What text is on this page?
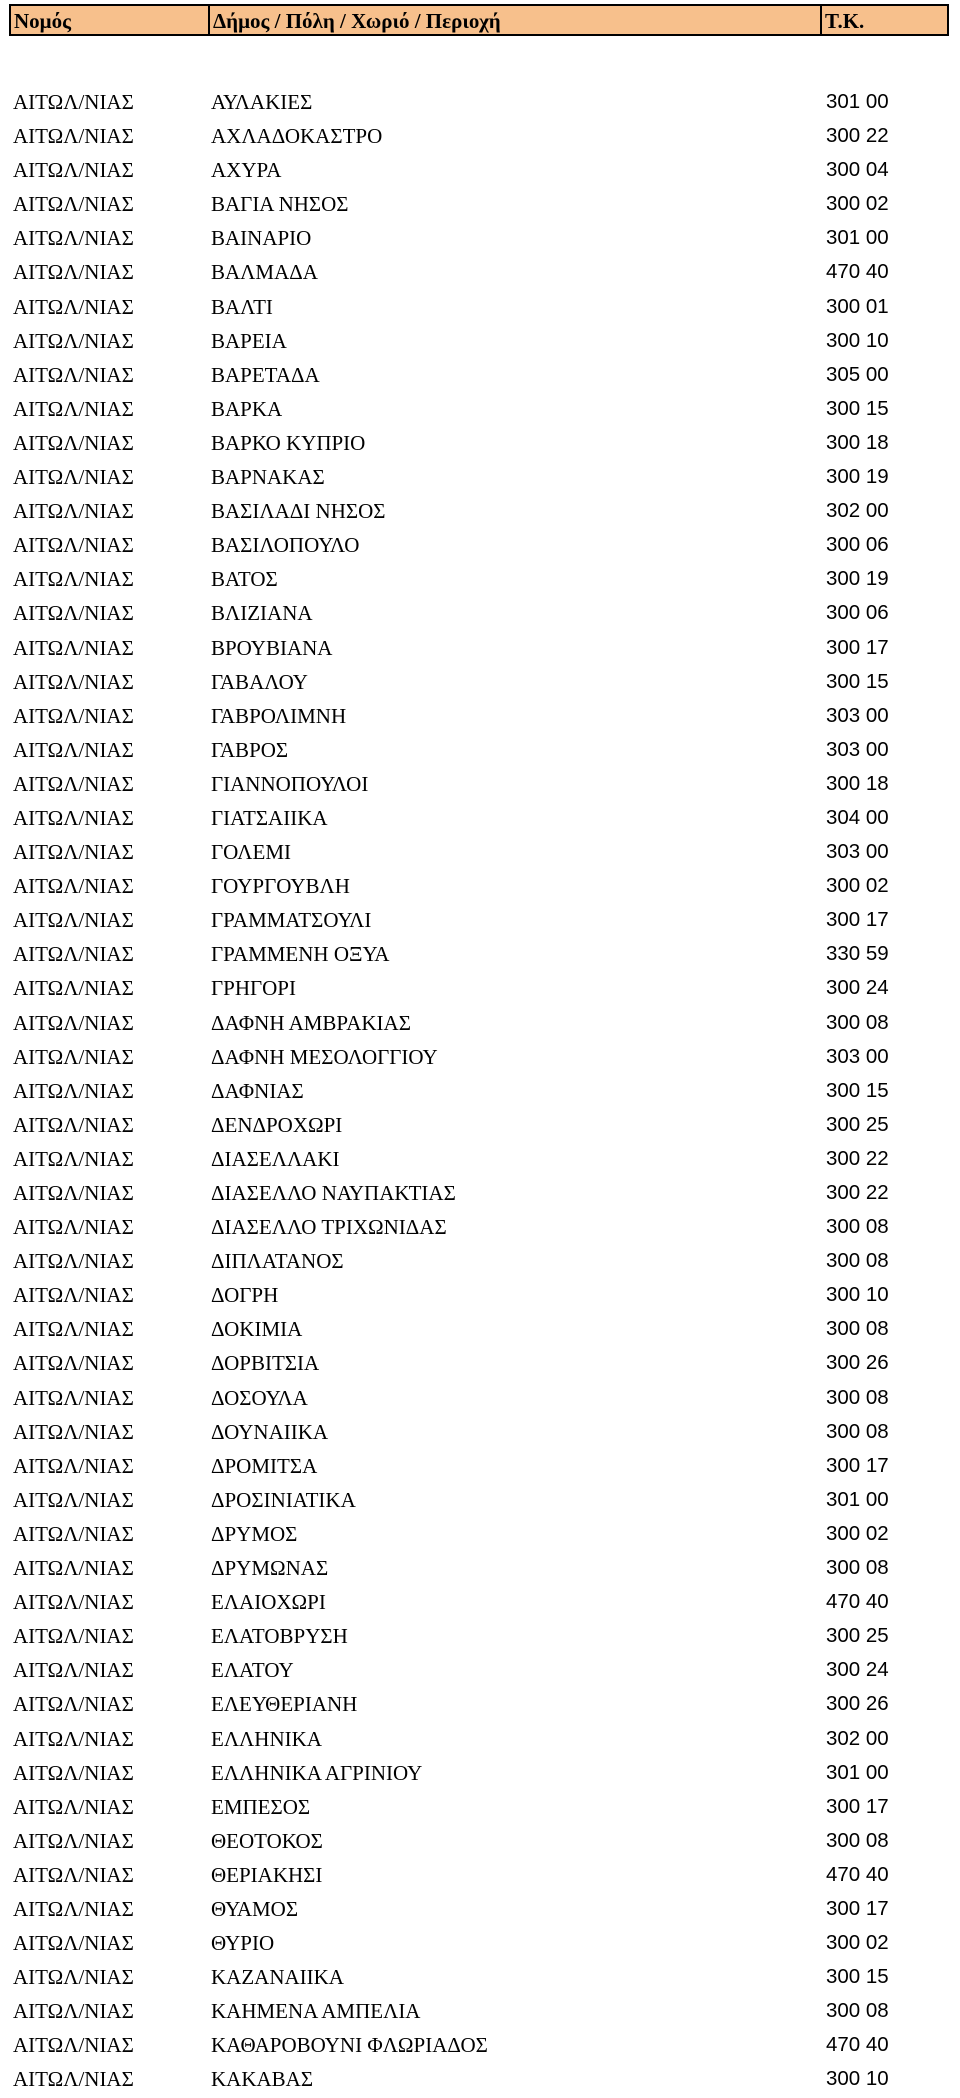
Νομός	Δήμος / Πόλη / Χωριό / Περιοχή	Τ.Κ.
ΑΙΤΩΛ/ΝΙΑΣ	ΑΥΛΑΚΙΕΣ	301 00
ΑΙΤΩΛ/ΝΙΑΣ	ΑΧΛΑΔΟΚΑΣΤΡΟ	300 22
ΑΙΤΩΛ/ΝΙΑΣ	ΑΧΥΡΑ	300 04
ΑΙΤΩΛ/ΝΙΑΣ	ΒΑΓΙΑ ΝΗΣΟΣ	300 02
ΑΙΤΩΛ/ΝΙΑΣ	ΒΑΙΝΑΡΙΟ	301 00
ΑΙΤΩΛ/ΝΙΑΣ	ΒΑΛΜΑΔΑ	470 40
ΑΙΤΩΛ/ΝΙΑΣ	ΒΑΛΤΙ	300 01
ΑΙΤΩΛ/ΝΙΑΣ	ΒΑΡΕΙΑ	300 10
ΑΙΤΩΛ/ΝΙΑΣ	ΒΑΡΕΤΑΔΑ	305 00
ΑΙΤΩΛ/ΝΙΑΣ	ΒΑΡΚΑ	300 15
ΑΙΤΩΛ/ΝΙΑΣ	ΒΑΡΚΟ ΚΥΠΡΙΟ	300 18
ΑΙΤΩΛ/ΝΙΑΣ	ΒΑΡΝΑΚΑΣ	300 19
ΑΙΤΩΛ/ΝΙΑΣ	ΒΑΣΙΛΑΔΙ ΝΗΣΟΣ	302 00
ΑΙΤΩΛ/ΝΙΑΣ	ΒΑΣΙΛΟΠΟΥΛΟ	300 06
ΑΙΤΩΛ/ΝΙΑΣ	ΒΑΤΟΣ	300 19
ΑΙΤΩΛ/ΝΙΑΣ	ΒΛΙΖΙΑΝΑ	300 06
ΑΙΤΩΛ/ΝΙΑΣ	ΒΡΟΥΒΙΑΝΑ	300 17
ΑΙΤΩΛ/ΝΙΑΣ	ΓΑΒΑΛΟΥ	300 15
ΑΙΤΩΛ/ΝΙΑΣ	ΓΑΒΡΟΛΙΜΝΗ	303 00
ΑΙΤΩΛ/ΝΙΑΣ	ΓΑΒΡΟΣ	303 00
ΑΙΤΩΛ/ΝΙΑΣ	ΓΙΑΝΝΟΠΟΥΛΟΙ	300 18
ΑΙΤΩΛ/ΝΙΑΣ	ΓΙΑΤΣΑΙΙΚΑ	304 00
ΑΙΤΩΛ/ΝΙΑΣ	ΓΟΛΕΜΙ	303 00
ΑΙΤΩΛ/ΝΙΑΣ	ΓΟΥΡΓΟΥΒΛΗ	300 02
ΑΙΤΩΛ/ΝΙΑΣ	ΓΡΑΜΜΑΤΣΟΥΛΙ	300 17
ΑΙΤΩΛ/ΝΙΑΣ	ΓΡΑΜΜΕΝΗ ΟΞΥΑ	330 59
ΑΙΤΩΛ/ΝΙΑΣ	ΓΡΗΓΟΡΙ	300 24
ΑΙΤΩΛ/ΝΙΑΣ	ΔΑΦΝΗ ΑΜΒΡΑΚΙΑΣ	300 08
ΑΙΤΩΛ/ΝΙΑΣ	ΔΑΦΝΗ ΜΕΣΟΛΟΓΓΙΟΥ	303 00
ΑΙΤΩΛ/ΝΙΑΣ	ΔΑΦΝΙΑΣ	300 15
ΑΙΤΩΛ/ΝΙΑΣ	ΔΕΝΔΡΟΧΩΡΙ	300 25
ΑΙΤΩΛ/ΝΙΑΣ	ΔΙΑΣΕΛΛΑΚΙ	300 22
ΑΙΤΩΛ/ΝΙΑΣ	ΔΙΑΣΕΛΛΟ ΝΑΥΠΑΚΤΙΑΣ	300 22
ΑΙΤΩΛ/ΝΙΑΣ	ΔΙΑΣΕΛΛΟ ΤΡΙΧΩΝΙΔΑΣ	300 08
ΑΙΤΩΛ/ΝΙΑΣ	ΔΙΠΛΑΤΑΝΟΣ	300 08
ΑΙΤΩΛ/ΝΙΑΣ	ΔΟΓΡΗ	300 10
ΑΙΤΩΛ/ΝΙΑΣ	ΔΟΚΙΜΙΑ	300 08
ΑΙΤΩΛ/ΝΙΑΣ	ΔΟΡΒΙΤΣΙΑ	300 26
ΑΙΤΩΛ/ΝΙΑΣ	ΔΟΣΟΥΛΑ	300 08
ΑΙΤΩΛ/ΝΙΑΣ	ΔΟΥΝΑΙΙΚΑ	300 08
ΑΙΤΩΛ/ΝΙΑΣ	ΔΡΟΜΙΤΣΑ	300 17
ΑΙΤΩΛ/ΝΙΑΣ	ΔΡΟΣΙΝΙΑΤΙΚΑ	301 00
ΑΙΤΩΛ/ΝΙΑΣ	ΔΡΥΜΟΣ	300 02
ΑΙΤΩΛ/ΝΙΑΣ	ΔΡΥΜΩΝΑΣ	300 08
ΑΙΤΩΛ/ΝΙΑΣ	ΕΛΑΙΟΧΩΡΙ	470 40
ΑΙΤΩΛ/ΝΙΑΣ	ΕΛΑΤΟΒΡΥΣΗ	300 25
ΑΙΤΩΛ/ΝΙΑΣ	ΕΛΑΤΟΥ	300 24
ΑΙΤΩΛ/ΝΙΑΣ	ΕΛΕΥΘΕΡΙΑΝΗ	300 26
ΑΙΤΩΛ/ΝΙΑΣ	ΕΛΛΗΝΙΚΑ	302 00
ΑΙΤΩΛ/ΝΙΑΣ	ΕΛΛΗΝΙΚΑ ΑΓΡΙΝΙΟΥ	301 00
ΑΙΤΩΛ/ΝΙΑΣ	ΕΜΠΕΣΟΣ	300 17
ΑΙΤΩΛ/ΝΙΑΣ	ΘΕΟΤΟΚΟΣ	300 08
ΑΙΤΩΛ/ΝΙΑΣ	ΘΕΡΙΑΚΗΣΙ	470 40
ΑΙΤΩΛ/ΝΙΑΣ	ΘΥΑΜΟΣ	300 17
ΑΙΤΩΛ/ΝΙΑΣ	ΘΥΡΙΟ	300 02
ΑΙΤΩΛ/ΝΙΑΣ	ΚΑΖΑΝΑΙΙΚΑ	300 15
ΑΙΤΩΛ/ΝΙΑΣ	ΚΑΗΜΕΝΑ ΑΜΠΕΛΙΑ	300 08
ΑΙΤΩΛ/ΝΙΑΣ	ΚΑΘΑΡΟΒΟΥΝΙ ΦΛΩΡΙΑΔΟΣ	470 40
ΑΙΤΩΛ/ΝΙΑΣ	ΚΑΚΑΒΑΣ	300 10
